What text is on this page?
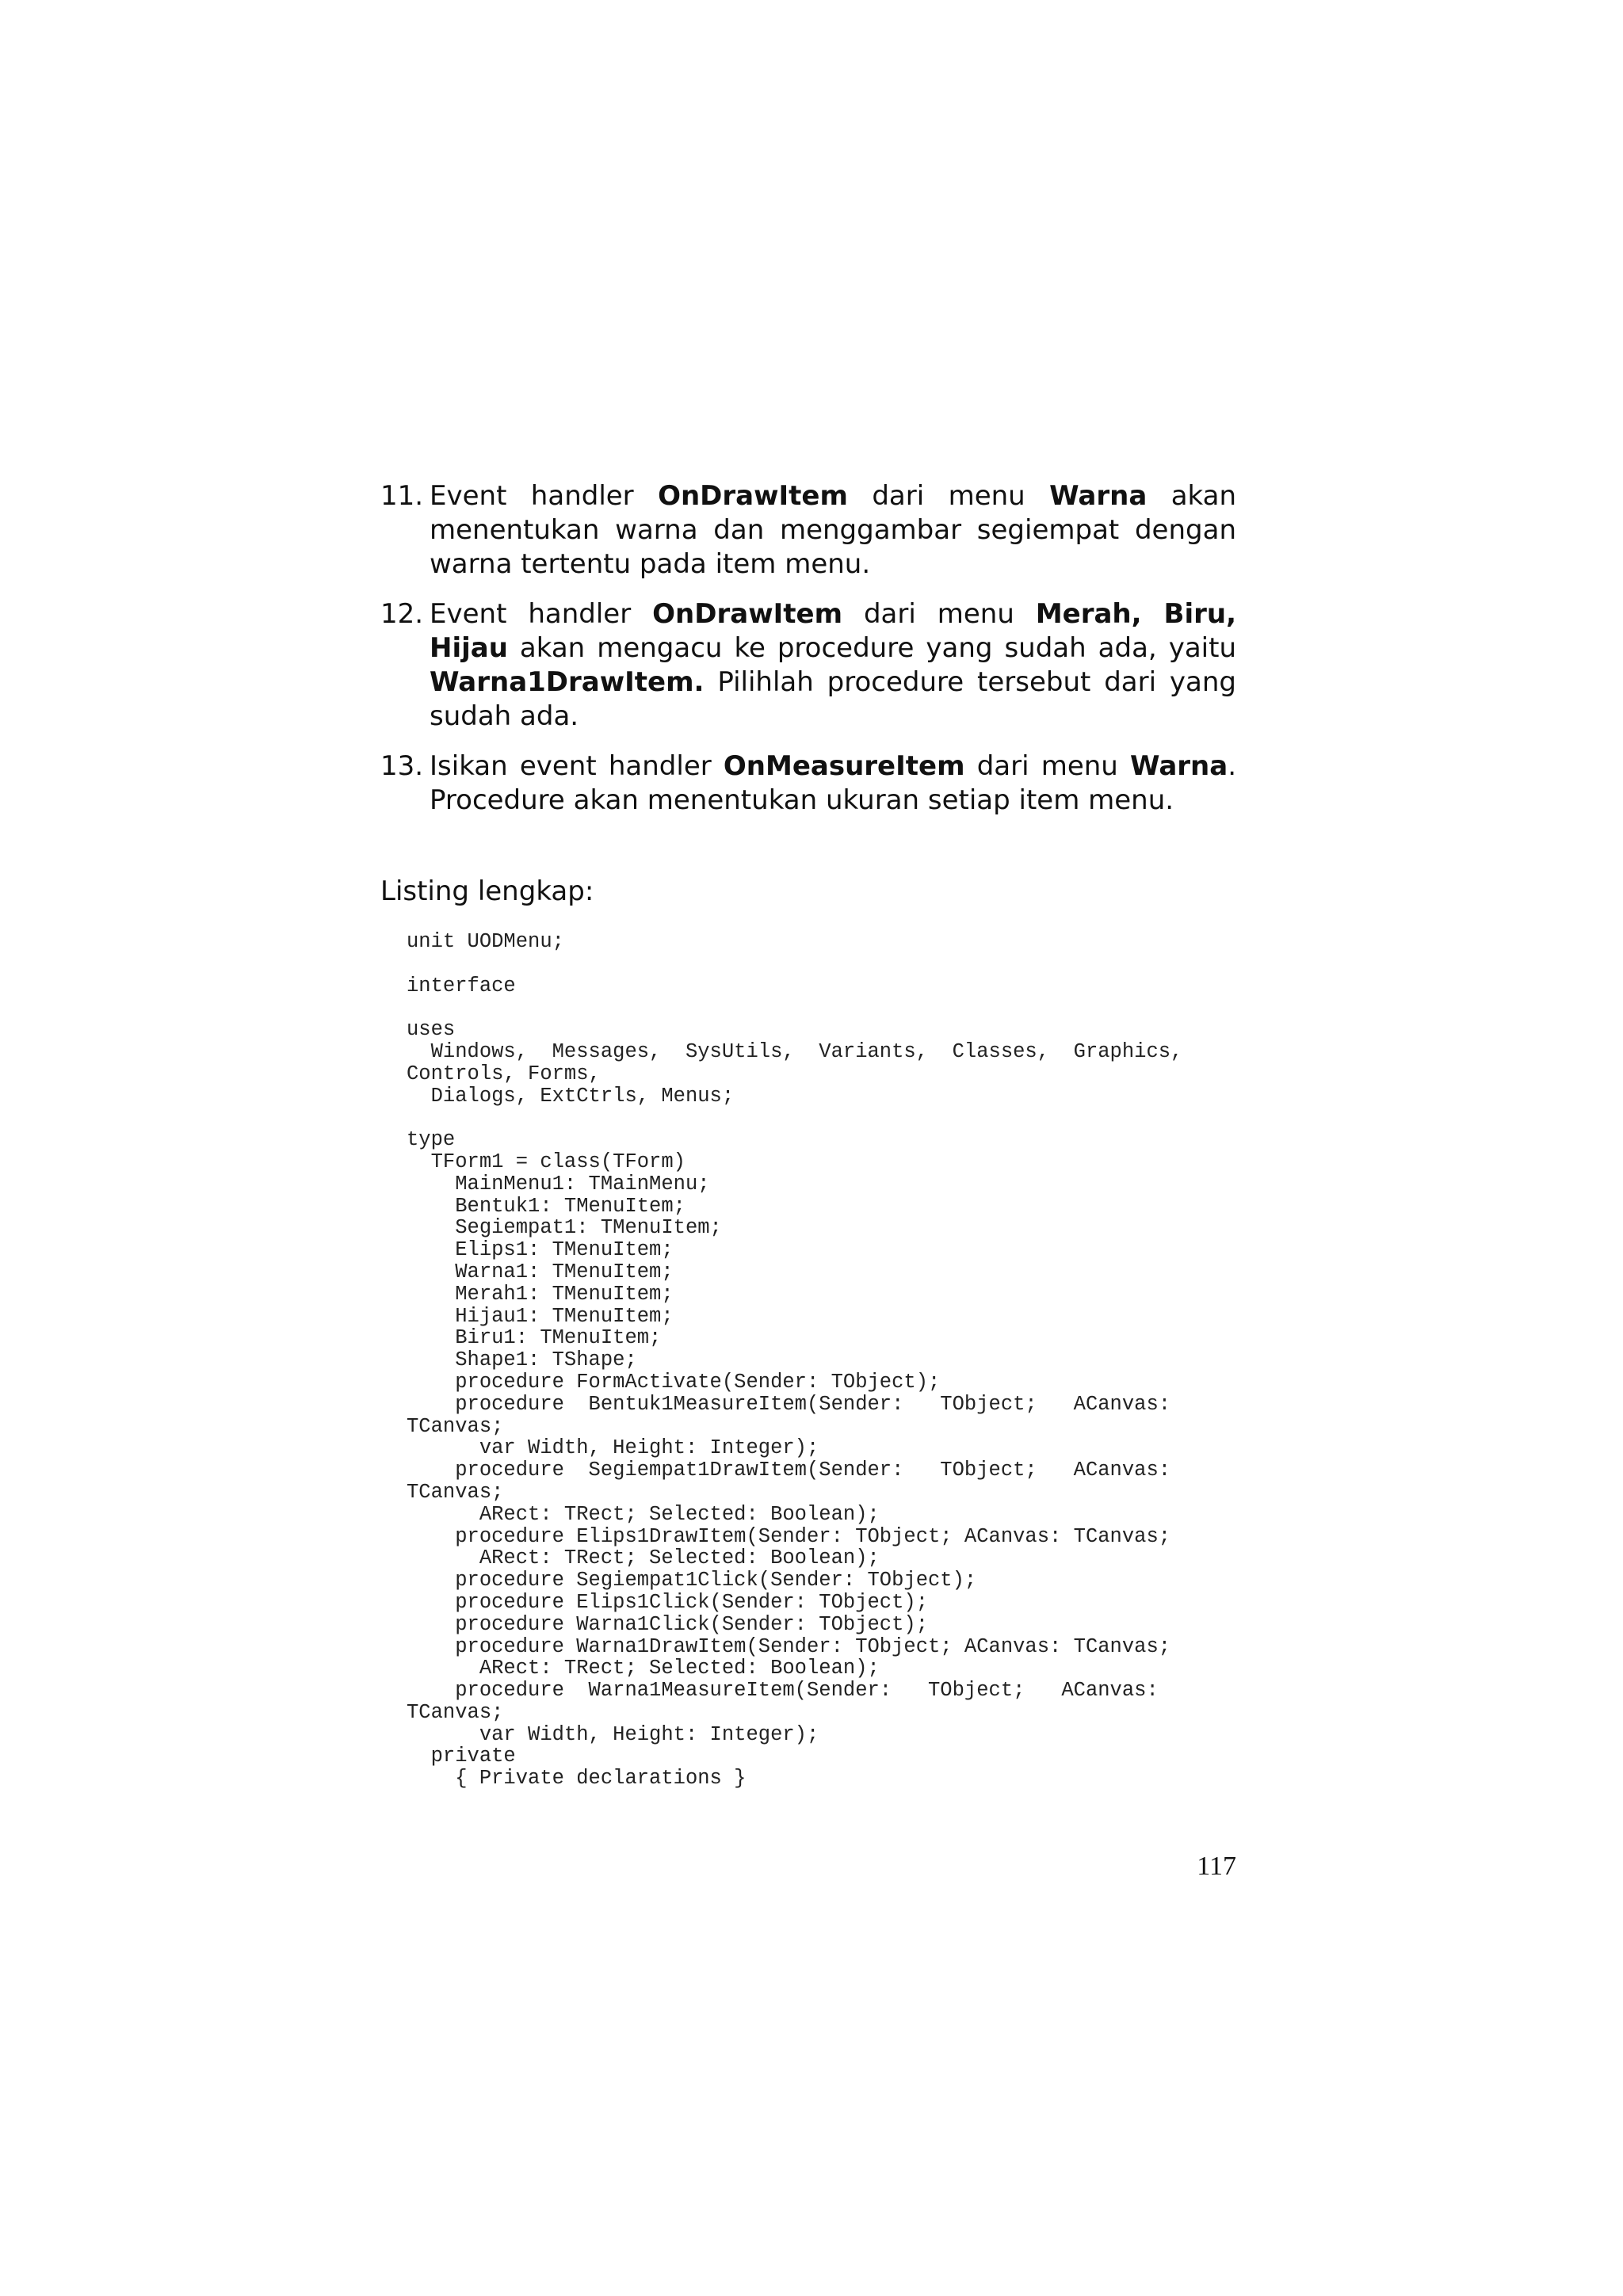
11. Event handler OnDrawItem dari menu Warna akan menentukan warna dan menggambar segiempat dengan warna tertentu pada item menu.
12. Event handler OnDrawItem dari menu Merah, Biru, Hijau akan mengacu ke procedure yang sudah ada, yaitu Warna1DrawItem. Pilihlah procedure tersebut dari yang sudah ada.
13. Isikan event handler OnMeasureItem dari menu Warna. Procedure akan menentukan ukuran setiap item menu.
Listing lengkap:
unit UODMenu;
interface
uses
Windows,  Messages,  SysUtils,  Variants,  Classes,  Graphics,
Controls, Forms,
Dialogs, ExtCtrls, Menus;
type
TForm1 = class(TForm)
MainMenu1: TMainMenu;
Bentuk1: TMenuItem;
Segiempat1: TMenuItem;
Elips1: TMenuItem;
Warna1: TMenuItem;
Merah1: TMenuItem;
Hijau1: TMenuItem;
Biru1: TMenuItem;
Shape1: TShape;
procedure FormActivate(Sender: TObject);
procedure  Bentuk1MeasureItem(Sender:   TObject;   ACanvas:
TCanvas;
var Width, Height: Integer);
procedure  Segiempat1DrawItem(Sender:   TObject;   ACanvas:
TCanvas;
ARect: TRect; Selected: Boolean);
procedure Elips1DrawItem(Sender: TObject; ACanvas: TCanvas;
ARect: TRect; Selected: Boolean);
procedure Segiempat1Click(Sender: TObject);
procedure Elips1Click(Sender: TObject);
procedure Warna1Click(Sender: TObject);
procedure Warna1DrawItem(Sender: TObject; ACanvas: TCanvas;
ARect: TRect; Selected: Boolean);
procedure  Warna1MeasureItem(Sender:   TObject;   ACanvas:
TCanvas;
var Width, Height: Integer);
private
{ Private declarations }
117
